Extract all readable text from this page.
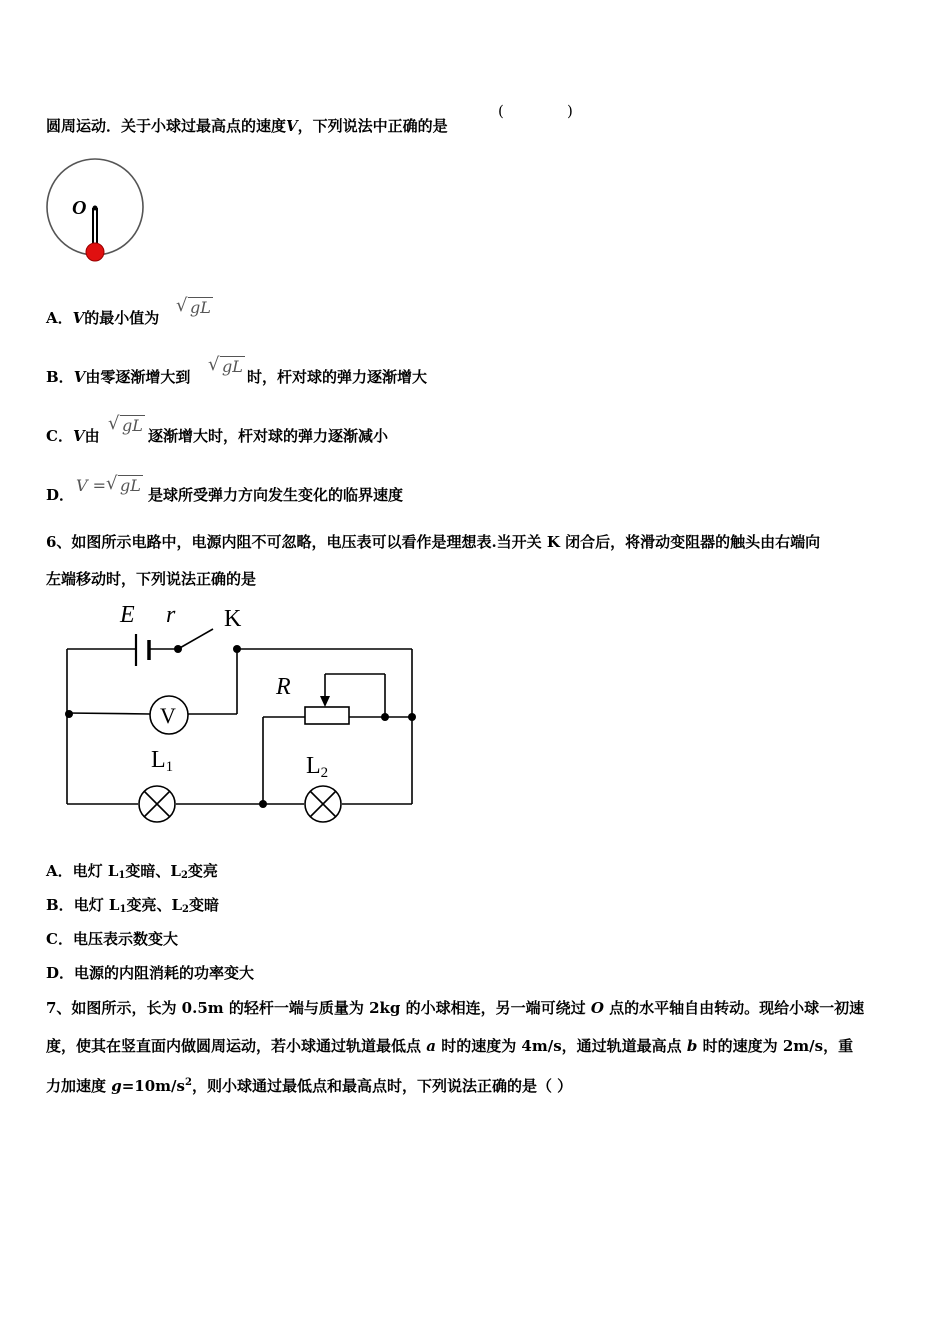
圆周运动．关于小球过最高点的速度V，下列说法中正确的是
(	)
O
A．V的最小值为
√ gL
B．V由零逐渐增大到
√ gL
时，杆对球的弹力逐渐增大
C．V由
√ gL
逐渐增大时，杆对球的弹力逐渐减小
D． V =√ gL 是球所受弹力方向发生变化的临界速度
6、如图所示电路中，电源内阻不可忽略，电压表可以看作是理想表.当开关 K 闭合后，将滑动变阻器的触头由右端向
左端移动时，下列说法正确的是
V
E r K
R
L1	L2
A．电灯 $L_1$变暗、$L_2$变亮
B．电灯 $L_1$变亮、$L_2$变暗
C．电压表示数变大
D．电源的内阻消耗的功率变大
7、如图所示，长为 0.5m 的轻杆一端与质量为 2kg 的小球相连，另一端可绕过 O 点的水平轴自由转动。现给小球一初速
度，使其在竖直面内做圆周运动，若小球通过轨道最低点 a 时的速度为 4m/s，通过轨道最高点 b 时的速度为 2m/s，重
力加速度 $g=10m/s^2$，则小球通过最低点和最高点时，下列说法正确的是（ ）
